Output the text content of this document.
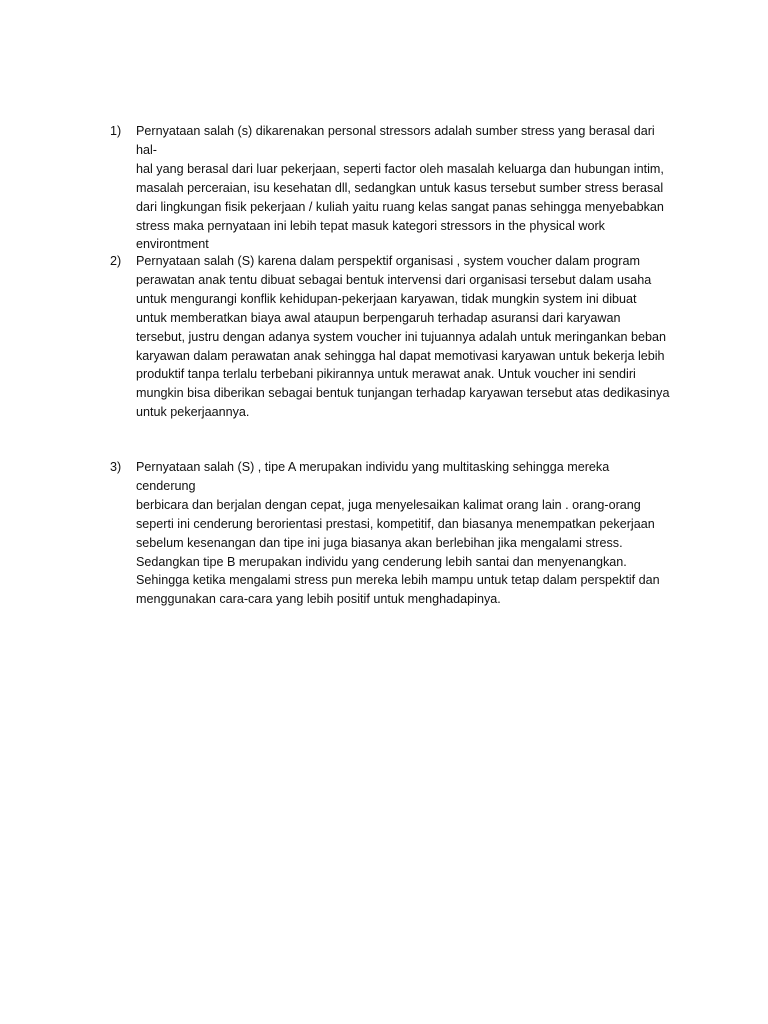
1)	Pernyataan salah (s) dikarenakan personal stressors adalah sumber stress yang berasal dari hal-
hal yang berasal dari luar pekerjaan, seperti factor oleh masalah keluarga dan hubungan intim,
masalah perceraian, isu kesehatan dll, sedangkan untuk kasus tersebut sumber stress berasal
dari lingkungan fisik pekerjaan / kuliah yaitu ruang kelas sangat panas sehingga menyebabkan
stress maka pernyataan ini lebih tepat masuk kategori stressors in the physical work
environtment
2)	Pernyataan salah (S) karena dalam perspektif organisasi , system voucher dalam program
perawatan anak tentu dibuat sebagai bentuk intervensi dari organisasi tersebut dalam usaha
untuk mengurangi konflik kehidupan-pekerjaan karyawan, tidak mungkin system ini dibuat
untuk memberatkan biaya awal ataupun berpengaruh terhadap asuransi dari karyawan
tersebut, justru dengan adanya system voucher ini tujuannya adalah untuk meringankan beban
karyawan dalam perawatan anak sehingga hal dapat memotivasi karyawan untuk bekerja lebih
produktif tanpa terlalu terbebani pikirannya untuk merawat anak. Untuk voucher ini sendiri
mungkin bisa diberikan sebagai bentuk tunjangan terhadap karyawan tersebut atas dedikasinya
untuk pekerjaannya.
3)	Pernyataan salah (S) , tipe A merupakan individu yang multitasking sehingga mereka cenderung
berbicara dan berjalan dengan cepat, juga menyelesaikan kalimat orang lain . orang-orang
seperti ini cenderung berorientasi prestasi, kompetitif, dan biasanya menempatkan pekerjaan
sebelum kesenangan dan tipe ini juga biasanya akan berlebihan jika mengalami stress.
Sedangkan tipe B merupakan individu yang cenderung lebih santai dan menyenangkan.
Sehingga ketika mengalami stress pun mereka lebih mampu untuk tetap dalam perspektif dan
menggunakan cara-cara yang lebih positif untuk menghadapinya.
